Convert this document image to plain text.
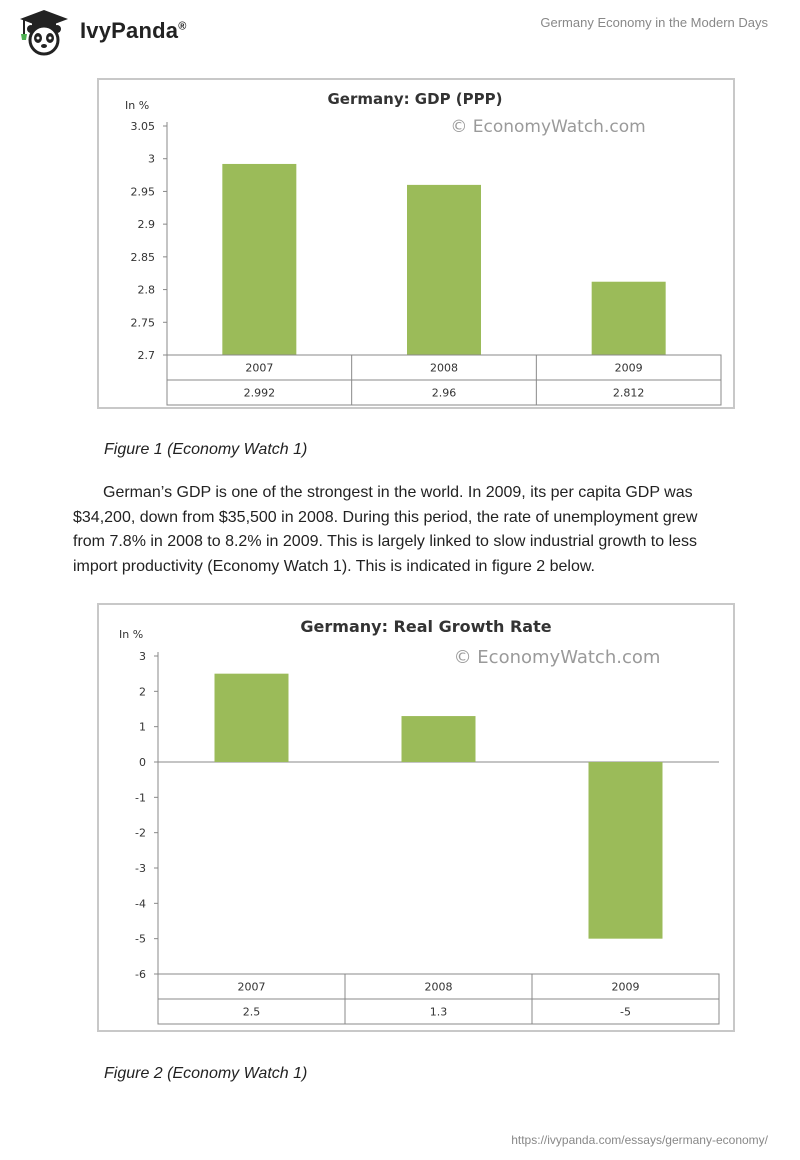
IvyPanda®	Germany Economy in the Modern Days
Germany: GDP (PPP)
© EconomyWatch.com
In %
3.05
3
2.95
2.9
2.85
2.8
2.75
2.7
2007
2.992
2008
2.96
2009
2.812
Figure 1 (Economy Watch 1)

German’s GDP is one of the strongest in the world. In 2009, its per capita GDP was $34,200, down from $35,500 in 2008. During this period, the rate of unemployment grew from 7.8% in 2008 to 8.2% in 2009. This is largely linked to slow industrial growth to less import productivity (Economy Watch 1). This is indicated in figure 2 below.

Germany: Real Growth Rate
© EconomyWatch.com
In %
3
2
1
0
-1
-2
-3
-4
-5
-6
2007
2.5
2008
1.3
2009
-5
Figure 2 (Economy Watch 1)
https://ivypanda.com/essays/germany-economy/
